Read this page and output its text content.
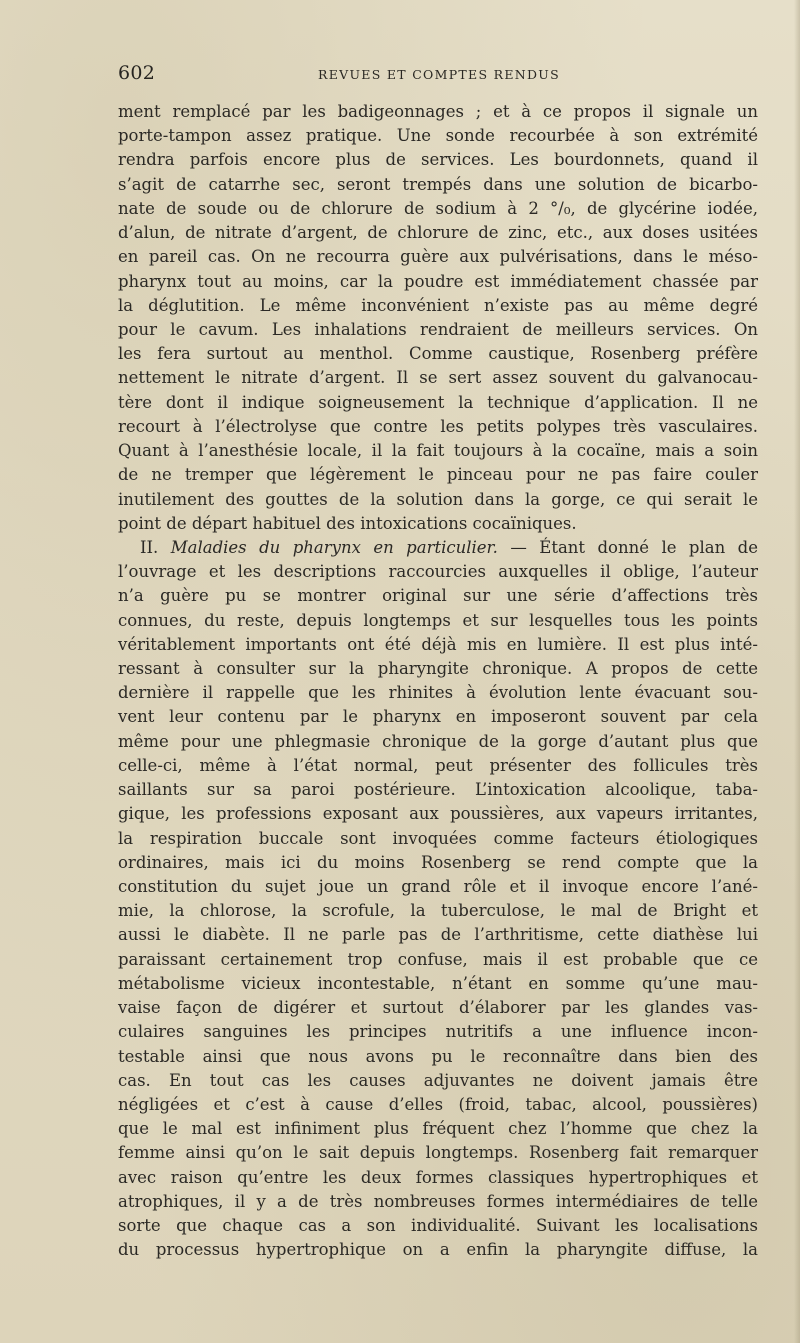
602	REVUES ET COMPTES RENDUS
ment remplacé par les badigeonnages ; et à ce propos il signale un
porte-tampon assez pratique. Une sonde recourbée à son extrémité
rendra parfois encore plus de services. Les bourdonnets, quand il
s’agit de catarrhe sec, seront trempés dans une solution de bicarbo-
nate de soude ou de chlorure de sodium à 2 °/₀, de glycérine iodée,
d’alun, de nitrate d’argent, de chlorure de zinc, etc., aux doses usitées
en pareil cas. On ne recourra guère aux pulvérisations, dans le méso-
pharynx tout au moins, car la poudre est immédiatement chassée par
la déglutition. Le même inconvénient n’existe pas au même degré
pour le cavum. Les inhalations rendraient de meilleurs services. On
les fera surtout au menthol. Comme caustique, Rosenberg préfère
nettement le nitrate d’argent. Il se sert assez souvent du galvanocau-
tère dont il indique soigneusement la technique d’application. Il ne
recourt à l’électrolyse que contre les petits polypes très vasculaires.
Quant à l’anesthésie locale, il la fait toujours à la cocaïne, mais a soin
de ne tremper que légèrement le pinceau pour ne pas faire couler
inutilement des gouttes de la solution dans la gorge, ce qui serait le
point de départ habituel des intoxications cocaïniques.
II. Maladies du pharynx en particulier. — Étant donné le plan de
l’ouvrage et les descriptions raccourcies auxquelles il oblige, l’auteur
n’a guère pu se montrer original sur une série d’affections très
connues, du reste, depuis longtemps et sur lesquelles tous les points
véritablement importants ont été déjà mis en lumière. Il est plus inté-
ressant à consulter sur la pharyngite chronique. A propos de cette
dernière il rappelle que les rhinites à évolution lente évacuant sou-
vent leur contenu par le pharynx en imposeront souvent par cela
même pour une phlegmasie chronique de la gorge d’autant plus que
celle-ci, même à l’état normal, peut présenter des follicules très
saillants sur sa paroi postérieure. L’intoxication alcoolique, taba-
gique, les professions exposant aux poussières, aux vapeurs irritantes,
la respiration buccale sont invoquées comme facteurs étiologiques
ordinaires, mais ici du moins Rosenberg se rend compte que la
constitution du sujet joue un grand rôle et il invoque encore l’ané-
mie, la chlorose, la scrofule, la tuberculose, le mal de Bright et
aussi le diabète. Il ne parle pas de l’arthritisme, cette diathèse lui
paraissant certainement trop confuse, mais il est probable que ce
métabolisme vicieux incontestable, n’étant en somme qu’une mau-
vaise façon de digérer et surtout d’élaborer par les glandes vas-
culaires sanguines les principes nutritifs a une influence incon-
testable ainsi que nous avons pu le reconnaître dans bien des
cas. En tout cas les causes adjuvantes ne doivent jamais être
négligées et c’est à cause d’elles (froid, tabac, alcool, poussières)
que le mal est infiniment plus fréquent chez l’homme que chez la
femme ainsi qu’on le sait depuis longtemps. Rosenberg fait remarquer
avec raison qu’entre les deux formes classiques hypertrophiques et
atrophiques, il y a de très nombreuses formes intermédiaires de telle
sorte que chaque cas a son individualité. Suivant les localisations
du processus hypertrophique on a enfin la pharyngite diffuse, la
